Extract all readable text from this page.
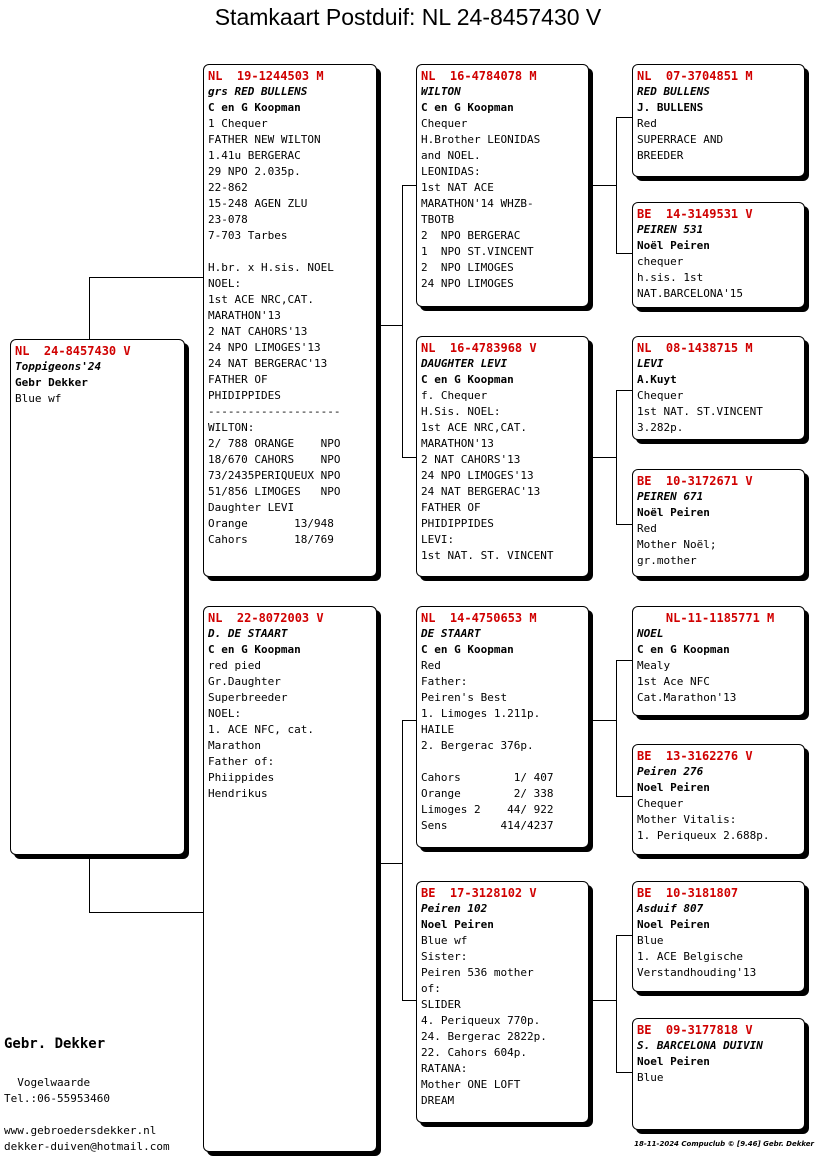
Stamkaart Postduif: NL 24-8457430 V
NL  24-8457430 V
Toppigeons'24
Gebr Dekker
Blue wf
NL  19-1244503 M
grs RED BULLENS
C en G Koopman
1 Chequer
FATHER NEW WILTON
1.41u BERGERAC
29 NPO 2.035p.
22-862
15-248 AGEN ZLU
23-078
7-703 Tarbes

H.br. x H.sis. NOEL
NOEL:
1st ACE NRC,CAT.
MARATHON'13
2 NAT CAHORS'13
24 NPO LIMOGES'13
24 NAT BERGERAC'13
FATHER OF
PHIDIPPIDES
--------------------
WILTON:
2/ 788 ORANGE    NPO
18/670 CAHORS    NPO
73/2435PERIQUEUX NPO
51/856 LIMOGES   NPO
Daughter LEVI
Orange       13/948
Cahors       18/769
NL  22-8072003 V
D. DE STAART
C en G Koopman
red pied
Gr.Daughter
Superbreeder
NOEL:
1. ACE NFC, cat.
Marathon
Father of:
Phiippides
Hendrikus
NL  16-4784078 M
WILTON
C en G Koopman
Chequer
H.Brother LEONIDAS
and NOEL.
LEONIDAS:
1st NAT ACE
MARATHON'14 WHZB-
TBOTB
2  NPO BERGERAC
1  NPO ST.VINCENT
2  NPO LIMOGES
24 NPO LIMOGES
NL  16-4783968 V
DAUGHTER LEVI
C en G Koopman
f. Chequer
H.Sis. NOEL:
1st ACE NRC,CAT.
MARATHON'13
2 NAT CAHORS'13
24 NPO LIMOGES'13
24 NAT BERGERAC'13
FATHER OF
PHIDIPPIDES
LEVI:
1st NAT. ST. VINCENT
NL  14-4750653 M
DE STAART
C en G Koopman
Red
Father:
Peiren's Best
1. Limoges 1.211p.
HAILE
2. Bergerac 376p.

Cahors        1/ 407
Orange        2/ 338
Limoges 2    44/ 922
Sens        414/4237
BE  17-3128102 V
Peiren 102
Noel Peiren
Blue wf
Sister:
Peiren 536 mother
of:
SLIDER
4. Periqueux 770p.
24. Bergerac 2822p.
22. Cahors 604p.
RATANA:
Mother ONE LOFT
DREAM
NL  07-3704851 M
RED BULLENS
J. BULLENS
Red
SUPERRACE AND
BREEDER
BE  14-3149531 V
PEIREN 531
Noël Peiren
chequer
h.sis. 1st
NAT.BARCELONA'15
NL  08-1438715 M
LEVI
A.Kuyt
Chequer
1st NAT. ST.VINCENT
3.282p.
BE  10-3172671 V
PEIREN 671
Noël Peiren
Red
Mother Noël;
gr.mother
NL-11-1185771 M
NOEL
C en G Koopman
Mealy
1st Ace NFC
Cat.Marathon'13
BE  13-3162276 V
Peiren 276
Noel Peiren
Chequer
Mother Vitalis:
1. Periqueux 2.688p.
BE  10-3181807
Asduif 807
Noel Peiren
Blue
1. ACE Belgische
Verstandhouding'13
BE  09-3177818 V
S. BARCELONA DUIVIN
Noel Peiren
Blue
Gebr. Dekker
Vogelwaarde
Tel.:06-55953460
www.gebroedersdekker.nl
dekker-duiven@hotmail.com	18-11-2024 Compuclub © [9.46] Gebr. Dekker
